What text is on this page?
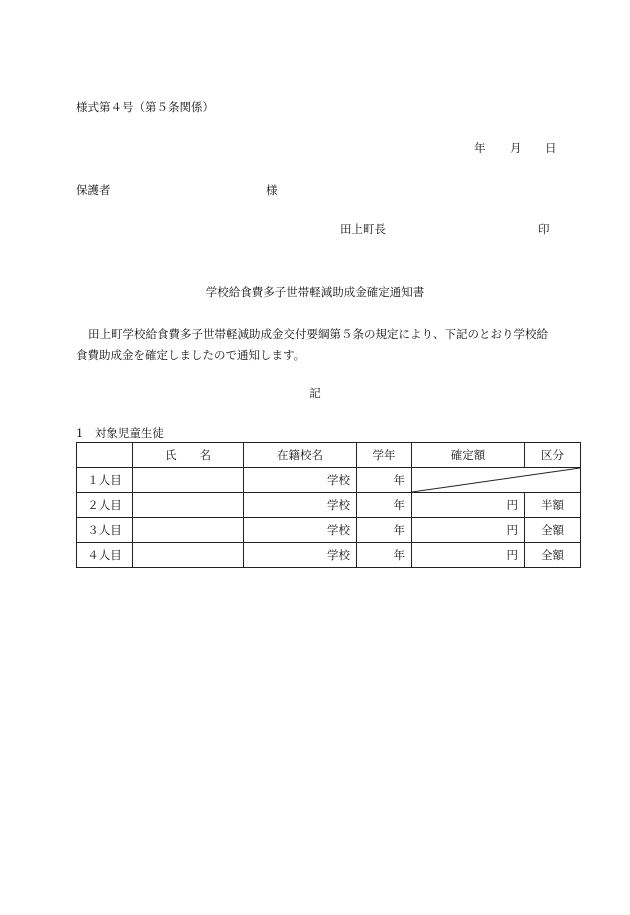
様式第４号（第５条関係）
年 月 日
保護者	様
田上町長	印
学校給食費多子世帯軽減助成金確定通知書
田上町学校給食費多子世帯軽減助成金交付要綱第５条の規定により、下記のとおり学校給食費助成金を確定しましたので通知します。
記
1　対象児童生徒
	氏　　名	在籍校名	学年	確定額	区分
１人目		学校	年	

２人目		学校	年	円	半額
３人目		学校	年	円	全額
４人目		学校	年	円	全額
